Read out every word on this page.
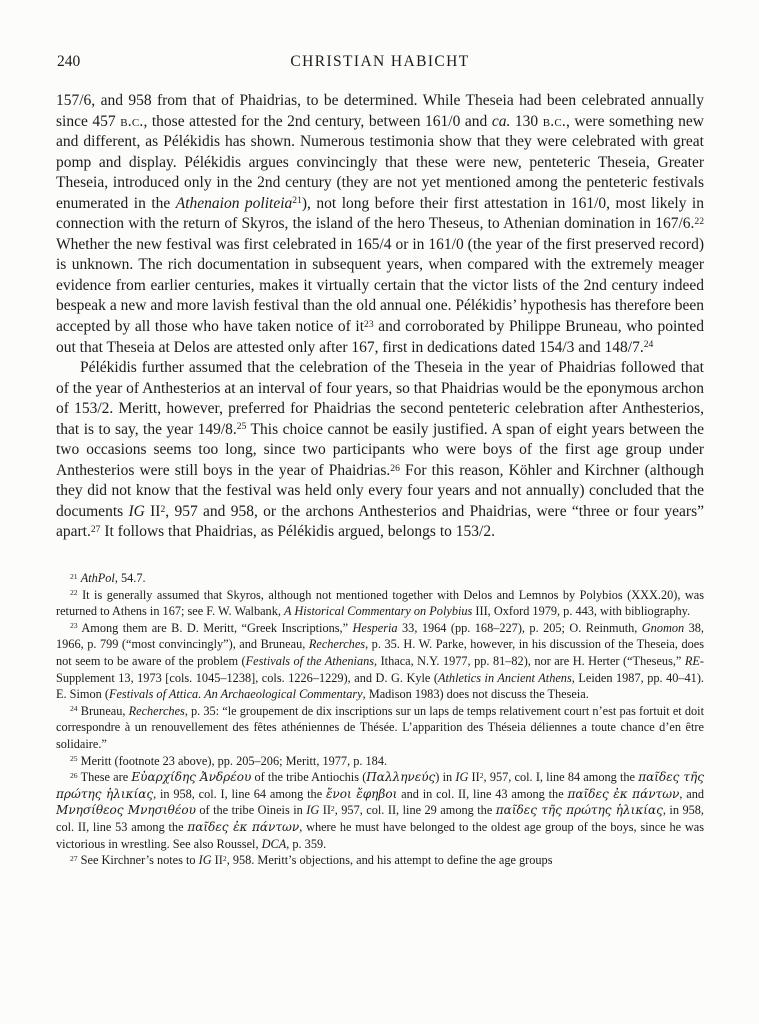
240	CHRISTIAN HABICHT

157/6, and 958 from that of Phaidrias, to be determined. While Theseia had been celebrated annually since 457 b.c., those attested for the 2nd century, between 161/0 and ca. 130 b.c., were something new and different, as Pélékidis has shown. Numerous testimonia show that they were celebrated with great pomp and display. Pélékidis argues convincingly that these were new, penteteric Theseia, Greater Theseia, introduced only in the 2nd century (they are not yet mentioned among the penteteric festivals enumerated in the Athenaion politeia$^{21}$), not long before their first attestation in 161/0, most likely in connection with the return of Skyros, the island of the hero Theseus, to Athenian domination in 167/6.22 Whether the new festival was first celebrated in 165/4 or in 161/0 (the year of the first preserved record) is unknown. The rich documentation in subsequent years, when compared with the extremely meager evidence from earlier centuries, makes it virtually certain that the victor lists of the 2nd century indeed bespeak a new and more lavish festival than the old annual one. Pélékidis’ hypothesis has therefore been accepted by all those who have taken notice of $it^{23}$ and corroborated by Philippe Bruneau, who pointed out that Theseia at Delos are attested only after 167, first in dedications dated 154/3 and 148/7.24

Pélékidis further assumed that the celebration of the Theseia in the year of Phaidrias followed that of the year of Anthesterios at an interval of four years, so that Phaidrias would be the eponymous archon of 153/2. Meritt, however, preferred for Phaidrias the second penteteric celebration after Anthesterios, that is to say, the year 149/8.25 This choice cannot be easily justified. A span of eight years between the two occasions seems too long, since two participants who were boys of the first age group under Anthesterios were still boys in the year of Phaidrias.$^{26}$ For this reason, Köhler and Kirchner (although they did not know that the festival was held only every four years and not annually) concluded that the documents IG $II^2$, 957 and 958, or the archons Anthesterios and Phaidrias, were “three or four years” apart.$^{27}$ It follows that Phaidrias, as Pélékidis argued, belongs to 153/2.

$^{21}$ AthPol, 54.7.

$^{22}$ It is generally assumed that Skyros, although not mentioned together with Delos and Lemnos by Polybios (XXX.20), was returned to Athens in 167; see F. W. Walbank, A Historical Commentary on Polybius III, Oxford 1979, p. 443, with bibliography.

$^{23}$ Among them are B. D. Meritt, “Greek Inscriptions,” Hesperia 33, 1964 (pp. 168–227), p. 205; O. Reinmuth, Gnomon 38, 1966, p. 799 (“most convincingly”), and Bruneau, Recherches, p. 35. H. W. Parke, however, in his discussion of the Theseia, does not seem to be aware of the problem (Festivals of the Athenians, Ithaca, N.Y. 1977, pp. 81–82), nor are H. Herter (“Theseus,” RE-Supplement 13, 1973 [cols. 1045–1238], cols. 1226–1229), and D. G. Kyle (Athletics in Ancient Athens, Leiden 1987, pp. 40–41). E. Simon (Festivals of Attica. An Archaeological Commentary, Madison 1983) does not discuss the Theseia.

$^{24}$ Bruneau, Recherches, p. 35: “le groupement de dix inscriptions sur un laps de temps relativement court n’est pas fortuit et doit correspondre à un renouvellement des fêtes athéniennes de Thésée. L’apparition des Théseia déliennes a toute chance d’en être solidaire.”

$^{25}$ Meritt (footnote 23 above), pp. 205–206; Meritt, 1977, p. 184.

$^{26}$ These are Εὐαρχίδης Ἀνδρέου of the tribe Antiochis (Παλληνεύς) in IG $II^2$, 957, col. I, line 84 among the παῖδες τῆς πρώτης ἡλικίας, in 958, col. I, line 64 among the ἔνοι ἔφηβοι and in col. II, line 43 among the παῖδες ἐκ πάντων, and Μνησίθεος Μνησιθέου of the tribe Oineis in IG $II^2$, 957, col. II, line 29 among the παῖδες τῆς πρώτης ἡλικίας, in 958, col. II, line 53 among the παῖδες ἐκ πάντων, where he must have belonged to the oldest age group of the boys, since he was victorious in wrestling. See also Roussel, DCA, p. 359.

$^{27}$ See Kirchner’s notes to IG $II^2$, 958. Meritt’s objections, and his attempt to define the age groups
